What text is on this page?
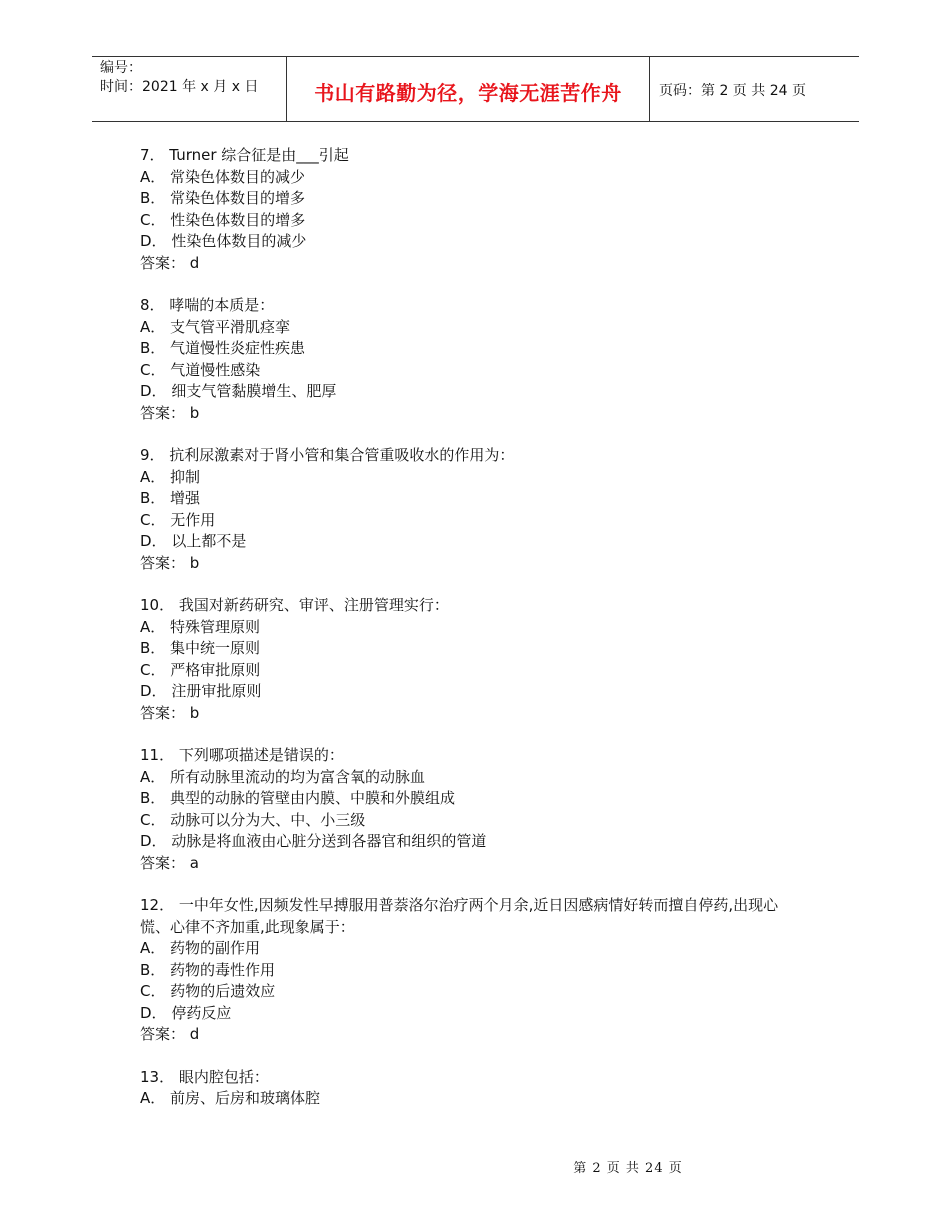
编号：
时间：2021 年 x 月 x 日	书山有路勤为径，学海无涯苦作舟	页码：第 2 页 共 24 页
7． Turner 综合征是由___引起
A． 常染色体数目的减少
B． 常染色体数目的增多
C． 性染色体数目的增多
D． 性染色体数目的减少
答案： d
8． 哮喘的本质是：
A． 支气管平滑肌痉挛
B． 气道慢性炎症性疾患
C． 气道慢性感染
D． 细支气管黏膜增生、肥厚
答案： b
9． 抗利尿激素对于肾小管和集合管重吸收水的作用为：
A． 抑制
B． 增强
C． 无作用
D． 以上都不是
答案： b
10． 我国对新药研究、审评、注册管理实行：
A． 特殊管理原则
B． 集中统一原则
C． 严格审批原则
D． 注册审批原则
答案： b
11． 下列哪项描述是错误的：
A． 所有动脉里流动的均为富含氧的动脉血
B． 典型的动脉的管壁由内膜、中膜和外膜组成
C． 动脉可以分为大、中、小三级
D． 动脉是将血液由心脏分送到各器官和组织的管道
答案： a
12． 一中年女性,因频发性早搏服用普萘洛尔治疗两个月余,近日因感病情好转而擅自停药,出现心
慌、心律不齐加重,此现象属于：
A． 药物的副作用
B． 药物的毒性作用
C． 药物的后遗效应
D． 停药反应
答案： d
13． 眼内腔包括：
A． 前房、后房和玻璃体腔
第 2 页 共 24 页
